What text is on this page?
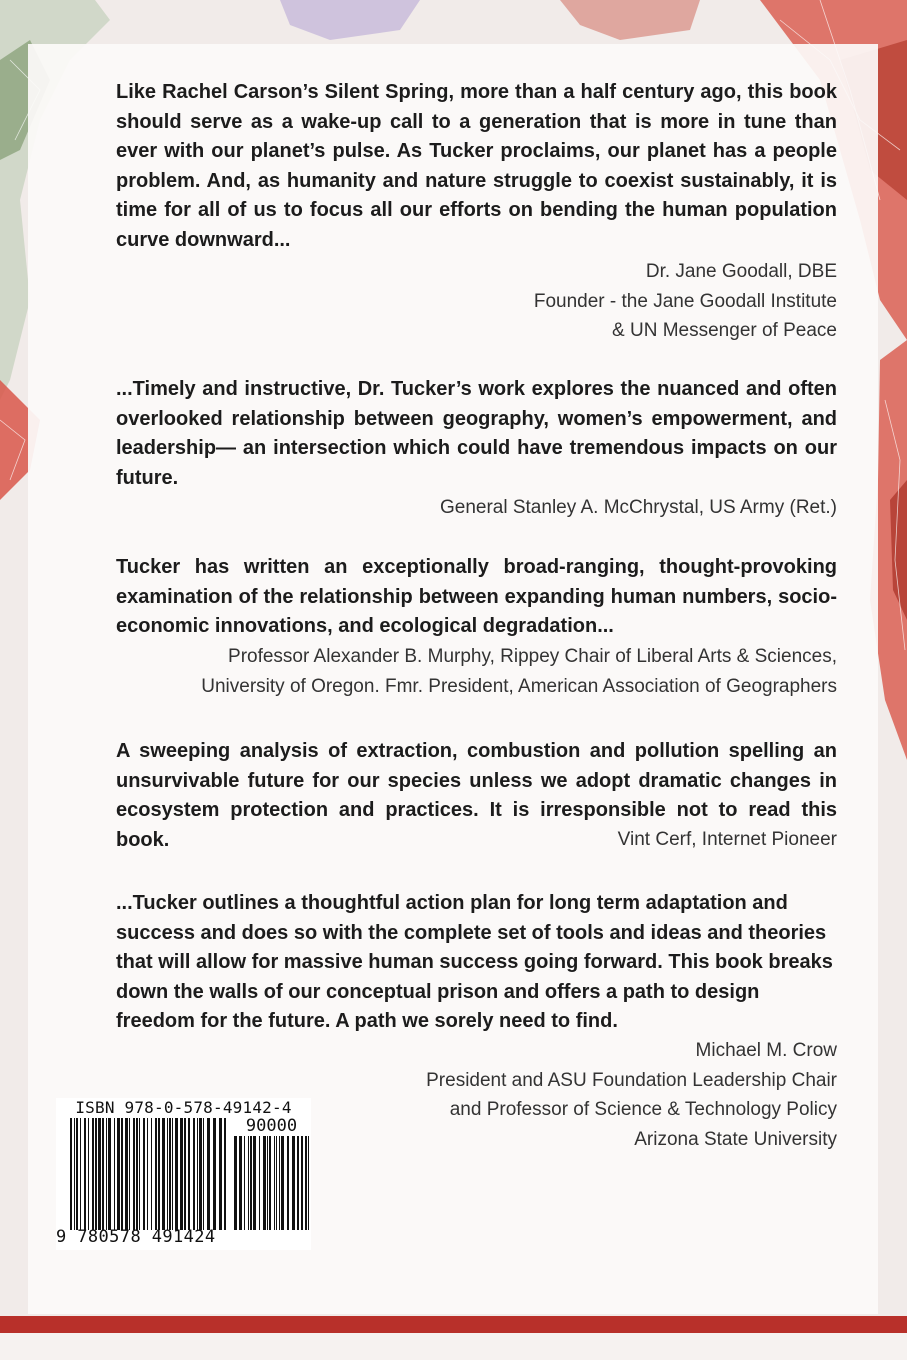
Like Rachel Carson’s Silent Spring, more than a half century ago, this book should serve as a wake-up call to a generation that is more in tune than ever with our planet’s pulse. As Tucker proclaims, our planet has a people problem. And, as humanity and nature struggle to coexist sustainably, it is time for all of us to focus all our efforts on bending the human population curve downward...

Dr. Jane Goodall, DBE
Founder - the Jane Goodall Institute
& UN Messenger of Peace

...Timely and instructive, Dr. Tucker’s work explores the nuanced and often overlooked relationship between geography, women’s empowerment, and leadership— an intersection which could have tremendous impacts on our future.

General Stanley A. McChrystal, US Army (Ret.)

Tucker has written an exceptionally broad-ranging, thought-provoking examination of the relationship between expanding human numbers, socio-economic innovations, and ecological degradation...

Professor Alexander B. Murphy, Rippey Chair of Liberal Arts & Sciences,
University of Oregon. Fmr. President, American Association of Geographers

A sweeping analysis of extraction, combustion and pollution spelling an unsurvivable future for our species unless we adopt dramatic changes in ecosystem protection and practices. It is irresponsible not to read this book.	Vint Cerf, Internet Pioneer

...Tucker outlines a thoughtful action plan for long term adaptation and success and does so with the complete set of tools and ideas and theories that will allow for massive human success going forward. This book breaks down the walls of our conceptual prison and offers a path to design freedom for the future. A path we sorely need to find.

Michael M. Crow
President and ASU Foundation Leadership Chair
and Professor of Science & Technology Policy
Arizona State University
ISBN 978-0-578-49142-4
90000
9 780578 491424
